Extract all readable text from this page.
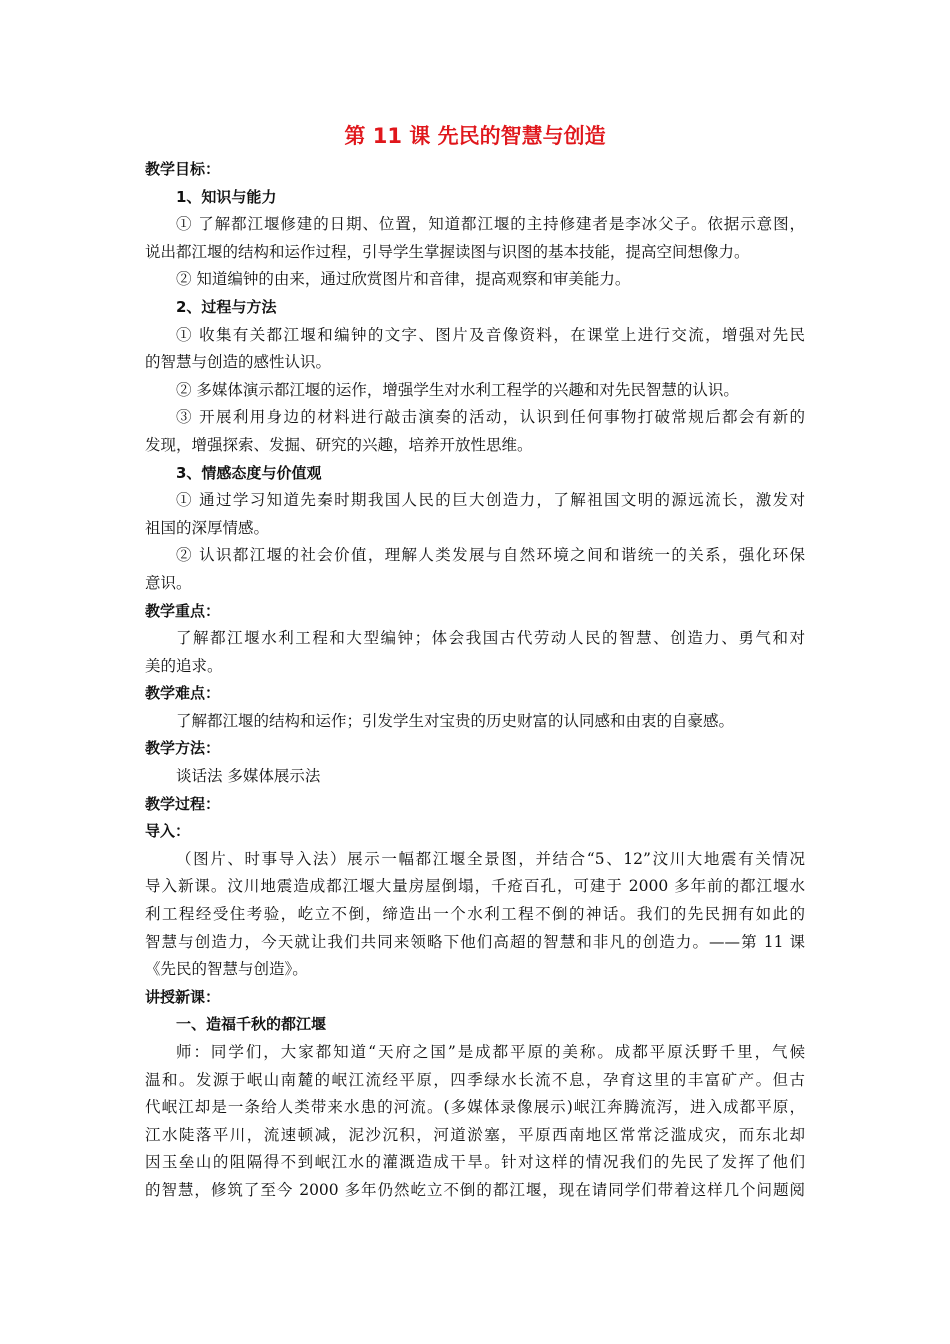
第 11 课 先民的智慧与创造
教学目标：
1、知识与能力
① 了解都江堰修建的日期、位置，知道都江堰的主持修建者是李冰父子。依据示意图，
说出都江堰的结构和运作过程，引导学生掌握读图与识图的基本技能，提高空间想像力。
② 知道编钟的由来，通过欣赏图片和音律，提高观察和审美能力。
2、过程与方法
① 收集有关都江堰和编钟的文字、图片及音像资料，在课堂上进行交流，增强对先民
的智慧与创造的感性认识。
② 多媒体演示都江堰的运作，增强学生对水利工程学的兴趣和对先民智慧的认识。
③ 开展利用身边的材料进行敲击演奏的活动，认识到任何事物打破常规后都会有新的
发现，增强探索、发掘、研究的兴趣，培养开放性思维。
3、情感态度与价值观
① 通过学习知道先秦时期我国人民的巨大创造力，了解祖国文明的源远流长，激发对
祖国的深厚情感。
② 认识都江堰的社会价值，理解人类发展与自然环境之间和谐统一的关系，强化环保
意识。
教学重点：
了解都江堰水利工程和大型编钟；体会我国古代劳动人民的智慧、创造力、勇气和对
美的追求。
教学难点：
了解都江堰的结构和运作；引发学生对宝贵的历史财富的认同感和由衷的自豪感。
教学方法：
谈话法 多媒体展示法
教学过程：
导入：
（图片、时事导入法）展示一幅都江堰全景图，并结合“5、12”汶川大地震有关情况
导入新课。汶川地震造成都江堰大量房屋倒塌，千疮百孔，可建于 2000 多年前的都江堰水
利工程经受住考验，屹立不倒，缔造出一个水利工程不倒的神话。我们的先民拥有如此的
智慧与创造力，今天就让我们共同来领略下他们高超的智慧和非凡的创造力。——第 11 课
《先民的智慧与创造》。
讲授新课：
一、造福千秋的都江堰
师：同学们，大家都知道“天府之国”是成都平原的美称。成都平原沃野千里，气候
温和。发源于岷山南麓的岷江流经平原，四季绿水长流不息，孕育这里的丰富矿产。但古
代岷江却是一条给人类带来水患的河流。(多媒体录像展示)岷江奔腾流泻，进入成都平原，
江水陡落平川，流速顿减，泥沙沉积，河道淤塞，平原西南地区常常泛滥成灾，而东北却
因玉垒山的阻隔得不到岷江水的灌溉造成干旱。针对这样的情况我们的先民了发挥了他们
的智慧，修筑了至今 2000 多年仍然屹立不倒的都江堰，现在请同学们带着这样几个问题阅
